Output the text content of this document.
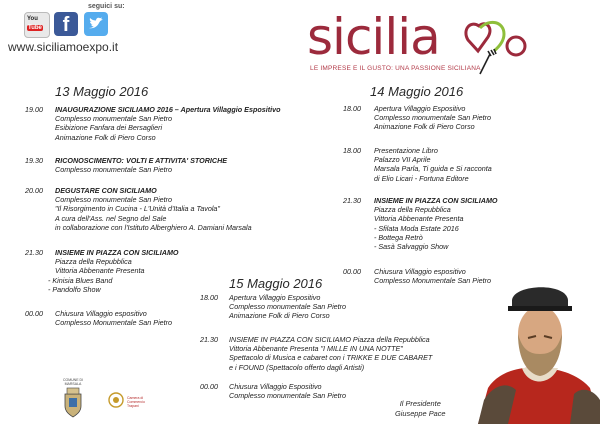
seguici su:
You
Tube	f
www.siciliamoexpo.it	sicilia
LE IMPRESE E IL GUSTO: UNA PASSIONE SICILIANA
13 Maggio 2016
19.00 INAUGURAZIONE SICILIAMO 2016 – Apertura Villaggio Espositivo
Complesso monumentale San Pietro
Esibizione Fanfara dei Bersaglieri
Animazione Folk di Piero Corso
19.30 RICONOSCIMENTO: VOLTI E ATTIVITA' STORICHE
Complesso monumentale San Pietro
20.00 DEGUSTARE CON SICILIAMO
Complesso monumentale San Pietro
"Il Risorgimento in Cucina - L'Unità d'Italia a Tavola"
A cura dell'Ass. nel Segno del Sale
in collaborazione con l'Istituto Alberghiero A. Damiani Marsala
21.30 INSIEME IN PIAZZA CON SICILIAMO
Piazza della Repubblica
Vittoria Abbenante Presenta
- Kinisia Blues Band
- Pandolfo Show
00.00 Chiusura Villaggio espositivo
Complesso Monumentale San Pietro
14 Maggio 2016
18.00 Apertura Villaggio Espositivo
Complesso monumentale San Pietro
Animazione Folk di Piero Corso
18.00 Presentazione Libro
Palazzo VII Aprile
Marsala Parla, Ti guida e Si racconta
di Elio Licari - Fortuna Editore
21.30 INSIEME IN PIAZZA CON SICILIAMO
Piazza della Repubblica
Vittoria Abbenante Presenta
- Sfilata Moda Estate 2016
- Bottega Retrò
- Sasà Salvaggio Show
00.00 Chiusura Villaggio espositivo
Complesso Monumentale San Pietro
15 Maggio 2016
18.00 Apertura Villaggio Espositivo
Complesso monumentale San Pietro
Animazione Folk di Piero Corso
21.30 INSIEME IN PIAZZA CON SICILIAMO Piazza della Repubblica
Vittoria Abbenante Presenta "I MILLE IN UNA NOTTE"
Spettacolo di Musica e cabaret con i TRIKKE E DUE CABARET
e i FOUND (Spettacolo offerto dagli Artisti)
00.00 Chiusura Villaggio Espositivo
Complesso monumentale San Pietro
Il Presidente
Giuseppe Pace
COMUNE DI MARSALA
Camera di Commercio Trapani
